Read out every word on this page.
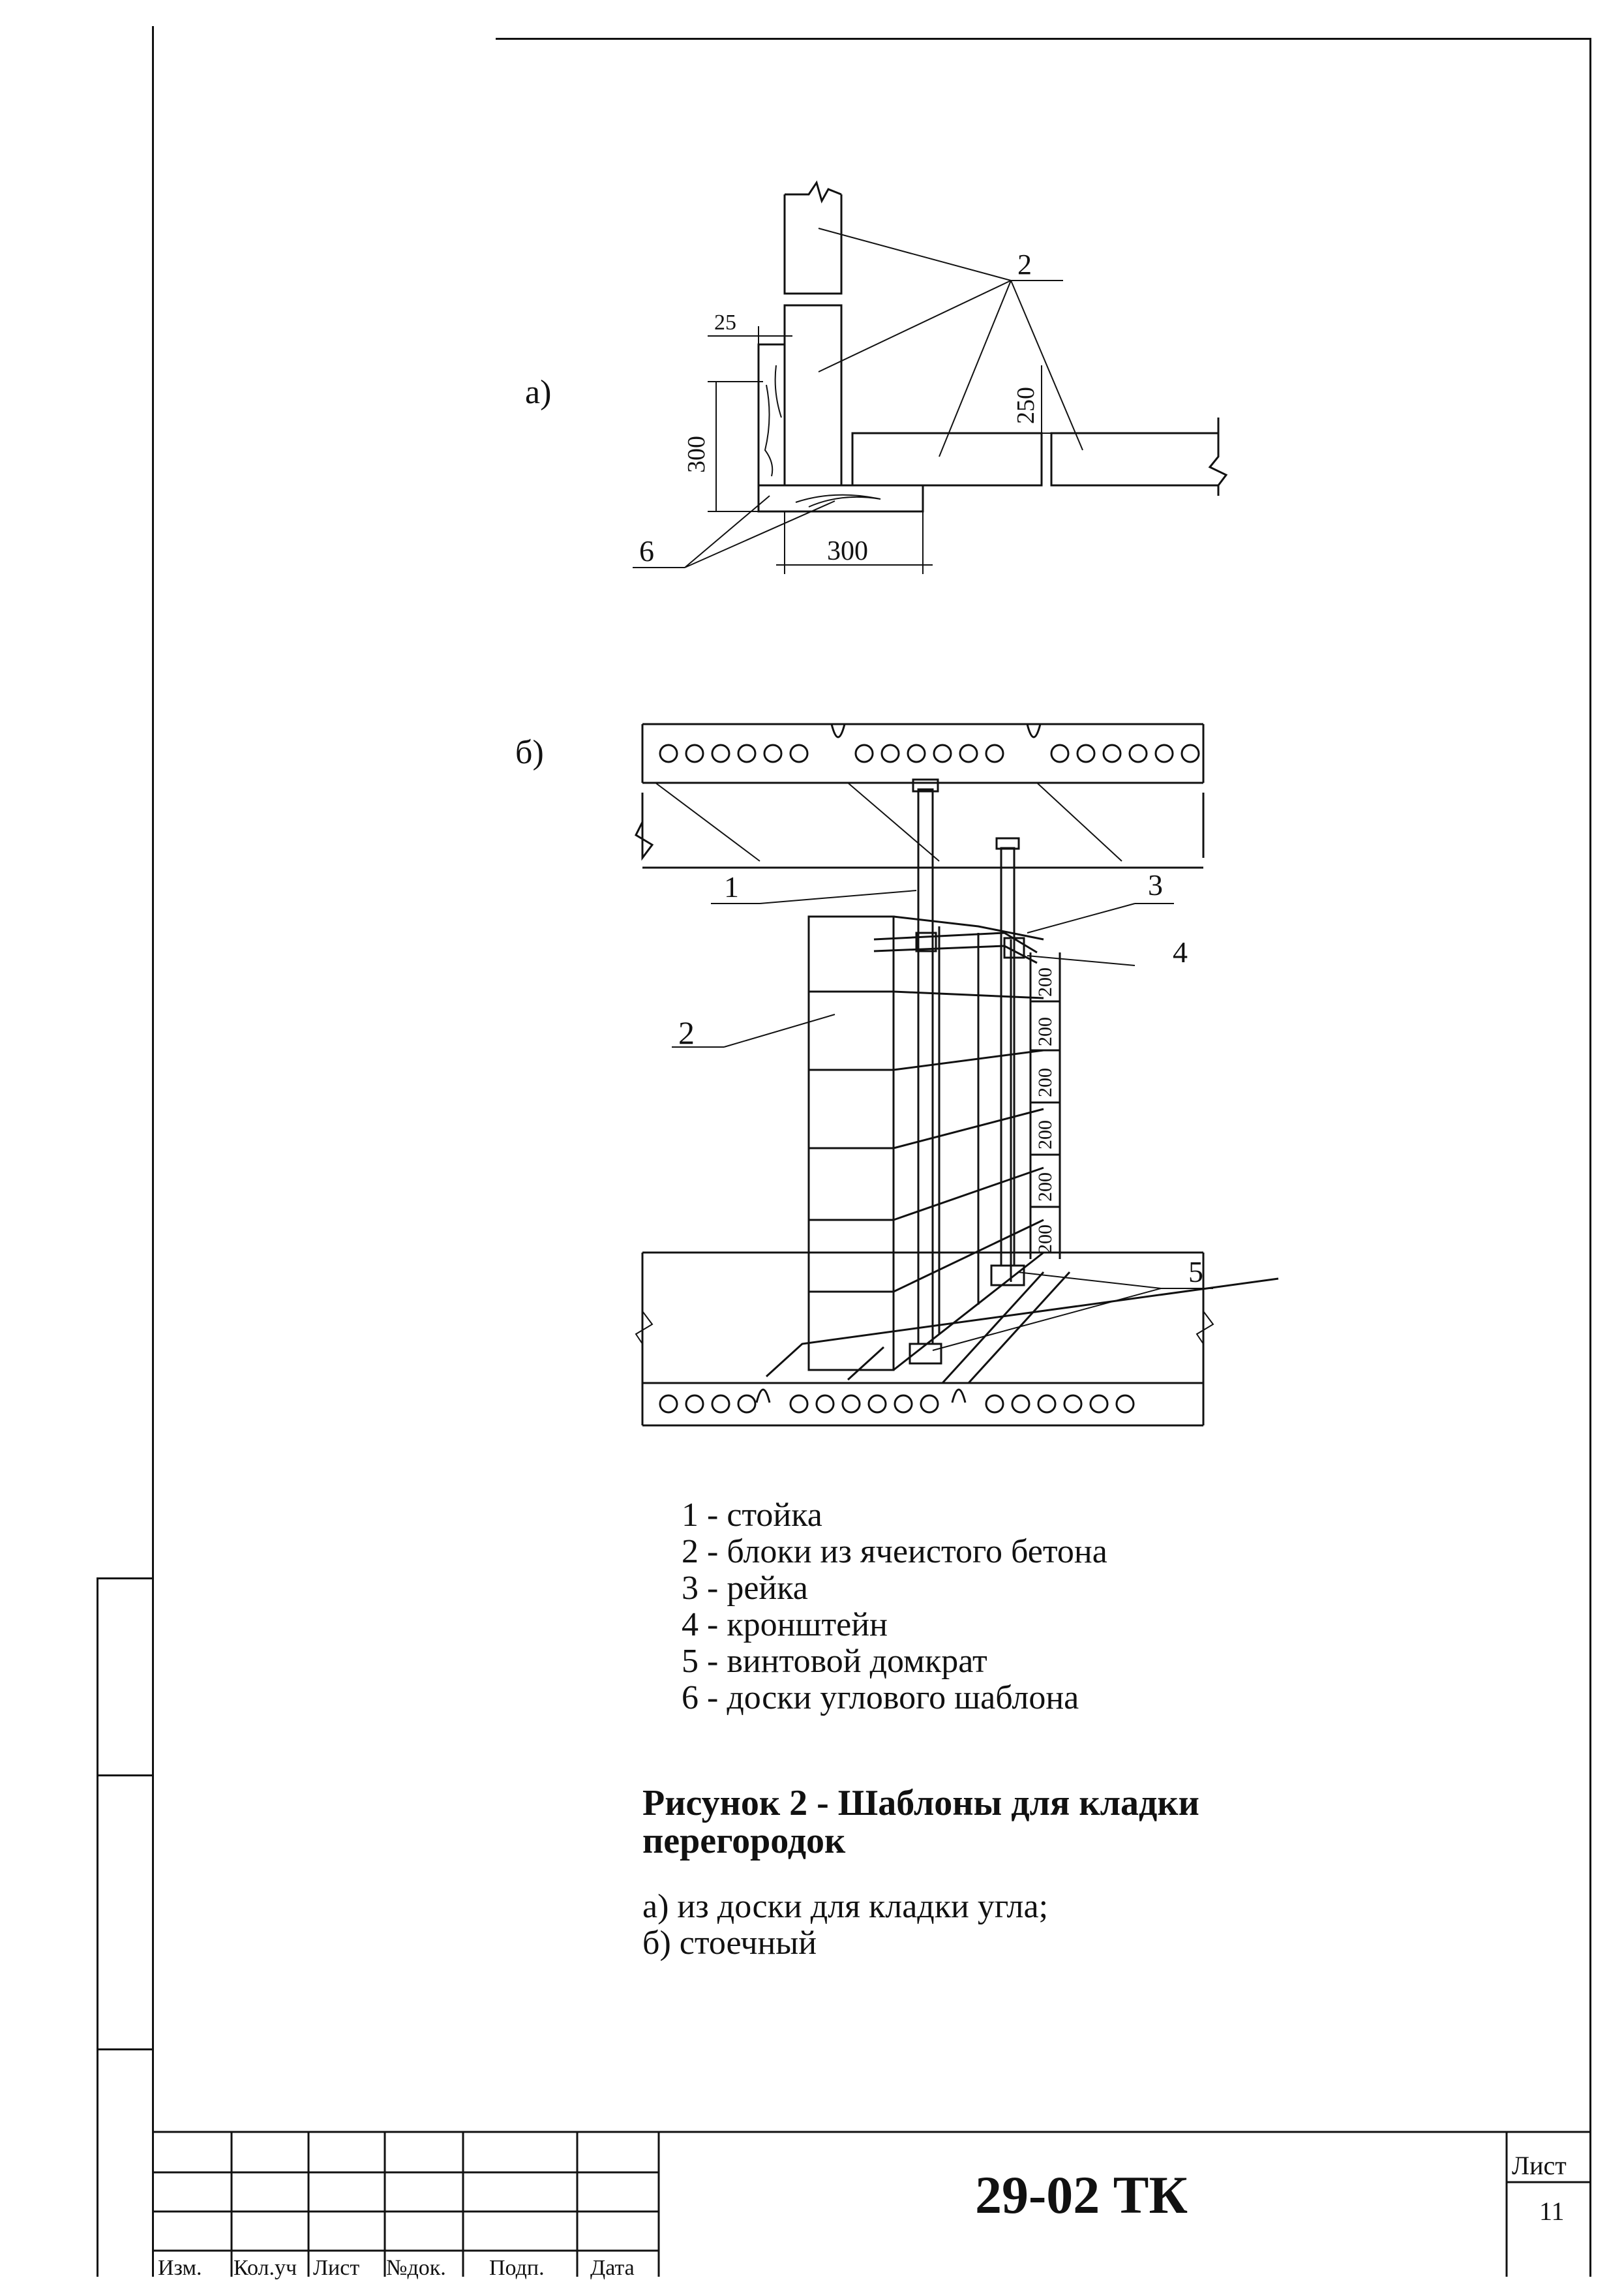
а)
25
300
250
300
2
6
б)
1
2
3
4
5
200
200
200
200
200
200
1 - стойка
2 - блоки из ячеистого бетона
3 - рейка
4 - кронштейн
5 - винтовой домкрат
6 - доски углового шаблона
Рисунок 2 - Шаблоны для кладки
перегородок
а) из доски для кладки угла;
б) стоечный
Изм. Кол.уч Лист №док. Подп. Дата
29-02 ТК	Лист
11
